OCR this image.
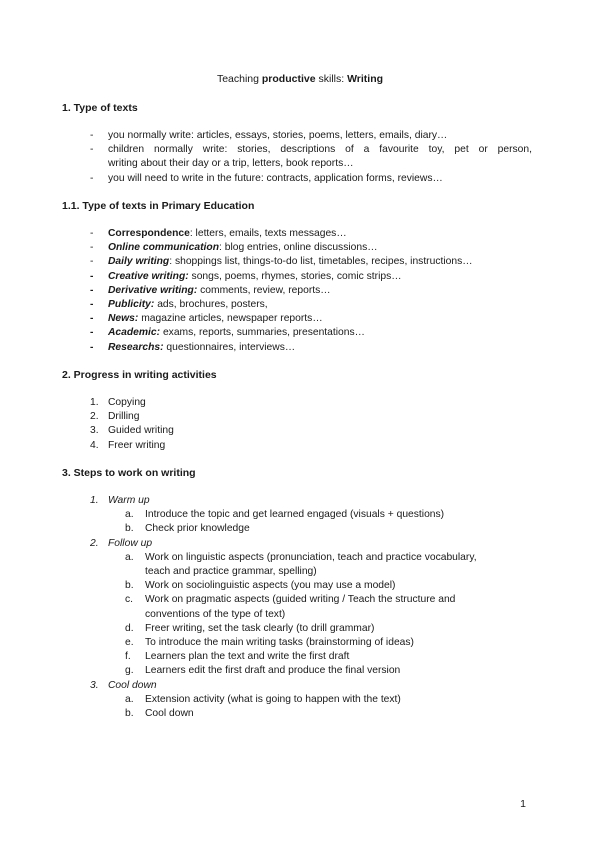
Teaching productive skills: Writing
1. Type of texts
- you normally write: articles, essays, stories, poems, letters, emails, diary…
- children normally write: stories, descriptions of a favourite toy, pet or person,
writing about their day or a trip, letters, book reports…
- you will need to write in the future: contracts, application forms, reviews…
1.1. Type of texts in Primary Education
- Correspondence: letters, emails, texts messages…
- Online communication: blog entries, online discussions…
- Daily writing: shoppings list, things-to-do list, timetables, recipes, instructions…
- Creative writing: songs, poems, rhymes, stories, comic strips…
- Derivative writing: comments, review, reports…
- Publicity: ads, brochures, posters,
- News: magazine articles, newspaper reports…
- Academic: exams, reports, summaries, presentations…
- Researchs: questionnaires, interviews…
2. Progress in writing activities
1. Copying
2. Drilling
3. Guided writing
4. Freer writing
3. Steps to work on writing
1. Warm up
a. Introduce the topic and get learned engaged (visuals + questions)
b. Check prior knowledge
2. Follow up
a. Work on linguistic aspects (pronunciation, teach and practice vocabulary,
teach and practice grammar, spelling)
b. Work on sociolinguistic aspects (you may use a model)
c. Work on pragmatic aspects (guided writing / Teach the structure and
conventions of the type of text)
d. Freer writing, set the task clearly (to drill grammar)
e. To introduce the main writing tasks (brainstorming of ideas)
f. Learners plan the text and write the first draft
g. Learners edit the first draft and produce the final version
3. Cool down
a. Extension activity (what is going to happen with the text)
b. Cool down
1
